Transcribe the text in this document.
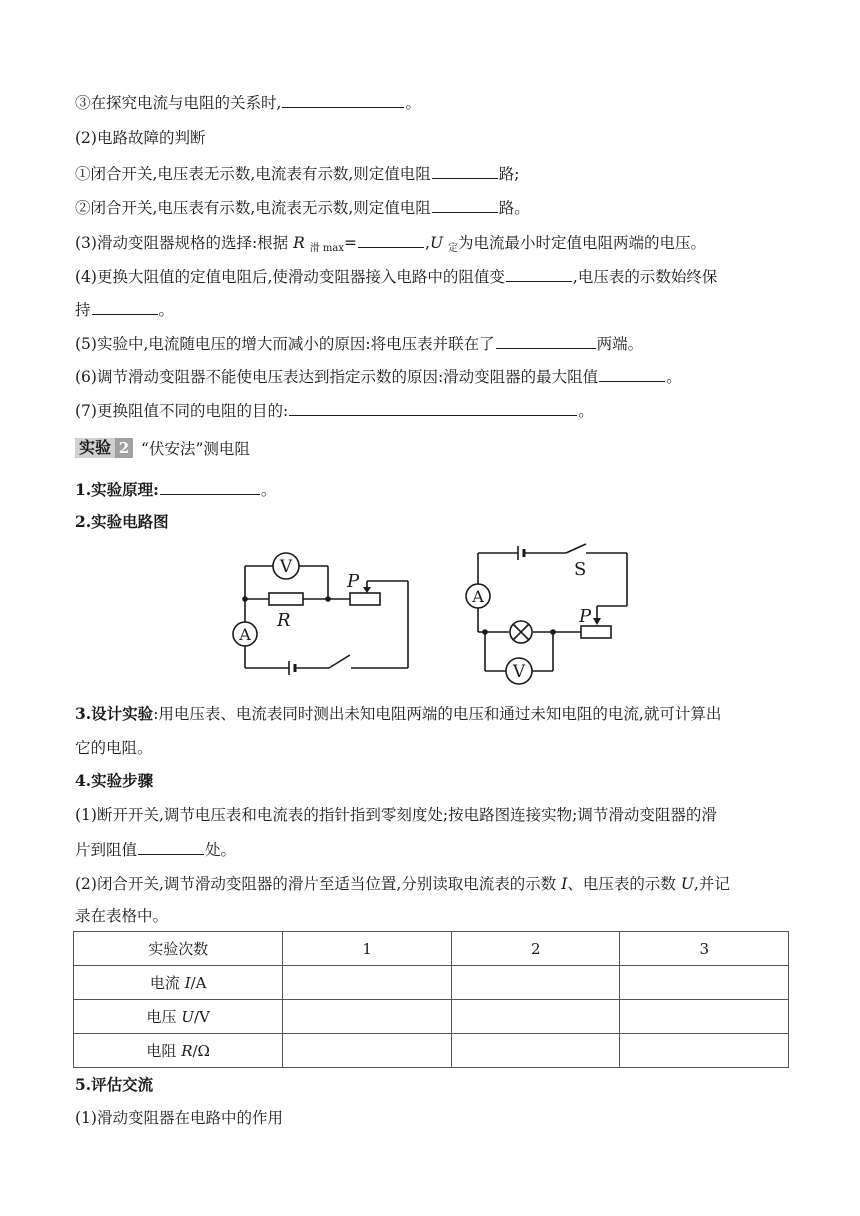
③在探究电流与电阻的关系时,	。
(2)电路故障的判断
①闭合开关,电压表无示数,电流表有示数,则定值电阻	路;
②闭合开关,电压表有示数,电流表无示数,则定值电阻	路。
(3)滑动变阻器规格的选择:根据 R 滑 max=	,U 定为电流最小时定值电阻两端的电压。
(4)更换大阻值的定值电阻后,使滑动变阻器接入电路中的阻值变	,电压表的示数始终保
持	。
(5)实验中,电流随电压的增大而减小的原因:将电压表并联在了	两端。
(6)调节滑动变阻器不能使电压表达到指定示数的原因:滑动变阻器的最大阻值	。
(7)更换阻值不同的电阻的目的:	。
实验 2 “伏安法”测电阻
1.实验原理:	。
2.实验电路图
V
A
R
P
A
V
S
P
3.设计实验:用电压表、电流表同时测出未知电阻两端的电压和通过未知电阻的电流,就可计算出
它的电阻。
4.实验步骤
(1)断开开关,调节电压表和电流表的指针指到零刻度处;按电路图连接实物;调节滑动变阻器的滑
片到阻值	处。
(2)闭合开关,调节滑动变阻器的滑片至适当位置,分别读取电流表的示数 I、电压表的示数 U,并记
录在表格中。
实验次数	1	2	3
电流 I/A			
电压 U/V			
电阻 R/Ω			
5.评估交流
(1)滑动变阻器在电路中的作用
